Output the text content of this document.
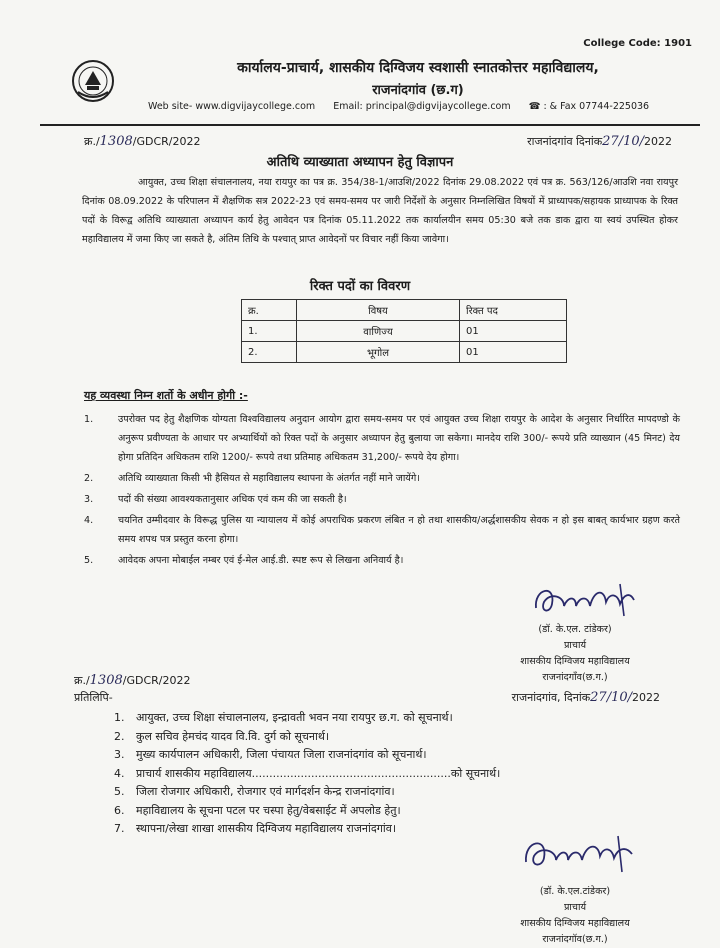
College Code: 1901
कार्यालय-प्राचार्य, शासकीय दिग्विजय स्वशासी स्नातकोत्तर महाविद्यालय,
राजनांदगांव (छ.ग)
Web site- www.digvijaycollege.com Email: principal@digvijaycollege.com ☎ : & Fax 07744-225036
क्र./1308/GDCR/2022	राजनांदगांव दिनांक27/10/2022
अतिथि व्याख्याता अध्यापन हेतु विज्ञापन
आयुक्त, उच्च शिक्षा संचालनालय, नया रायपुर का पत्र क्र. 354/38-1/आउशि/2022 दिनांक 29.08.2022 एवं पत्र क्र. 563/126/आउशि नवा रायपुर दिनांक 08.09.2022 के परिपालन में शैक्षणिक सत्र 2022-23 एवं समय-समय पर जारी निर्देशों के अनुसार निम्नलिखित विषयों में प्राध्यापक/सहायक प्राध्यापक के रिक्त पदों के विरूद्व अतिथि व्याख्याता अध्यापन कार्य हेतु आवेदन पत्र दिनांक 05.11.2022 तक कार्यालयीन समय 05:30 बजे तक डाक द्वारा या स्वयं उपस्थित होकर महाविद्यालय में जमा किए जा सकते है, अंतिम तिथि के पश्चात् प्राप्त आवेदनों पर विचार नहीं किया जावेगा।
रिक्त पदों का विवरण
क्र.	विषय	रिक्त पद
1.	वाणिज्य	01
2.	भूगोल	01
यह व्यवस्था निम्न शर्तो के अधीन होगी :-
1.	उपरोक्त पद हेतु शैक्षणिक योग्यता विश्वविद्यालय अनुदान आयोग द्वारा समय-समय पर एवं आयुक्त उच्च शिक्षा रायपुर के आदेश के अनुसार निर्धारित मापदण्डो के अनुरूप प्रवीण्यता के आधार पर अभ्यार्थियों को रिक्त पदों के अनुसार अध्यापन हेतु बुलाया जा सकेगा। मानदेय राशि 300/- रूपये प्रति व्याख्यान (45 मिनट) देय होगा प्रतिदिन अधिकतम राशि 1200/- रूपये तथा प्रतिमाह अधिकतम 31,200/- रूपये देय होगा।
2.	अतिथि व्याख्याता किसी भी हैसियत से महाविद्यालय स्थापना के अंतर्गत नहीं माने जायेंगे।
3.	पदों की संख्या आवश्यकतानुसार अधिक एवं कम की जा सकती है।
4.	चयनित उम्मीदवार के विरूद्ध पुलिस या न्यायालय में कोई अपराधिक प्रकरण लंबित न हो तथा शासकीय/अर्द्धशासकीय सेवक न हो इस बाबत् कार्यभार ग्रहण करते समय शपथ पत्र प्रस्तुत करना होगा।
5.	आवेदक अपना मोबाईल नम्बर एवं ई-मेल आई.डी. स्पष्ट रूप से लिखना अनिवार्य है।
(डॉ. के.एल. टांडेकर)
प्राचार्य
शासकीय दिग्विजय महाविद्यालय
राजनांदगाँव(छ.ग.)
क्र./1308/GDCR/2022
प्रतिलिपि-	राजनांदगांव, दिनांक27/10/2022
1.	आयुक्त, उच्च शिक्षा संचालनालय, इन्द्रावती भवन नया रायपुर छ.ग. को सूचनार्थ।
2.	कुल सचिव हेमचंद यादव वि.वि. दुर्ग को सूचनार्थ।
3.	मुख्य कार्यपालन अधिकारी, जिला पंचायत जिला राजनांदगांव को सूचनार्थ।
4.	प्राचार्य शासकीय महाविद्यालय.........................................................को सूचनार्थ।
5.	जिला रोजगार अधिकारी, रोजगार एवं मार्गदर्शन केन्द्र राजनांदगांव।
6.	महाविद्यालय के सूचना पटल पर चस्पा हेतु/वेबसाईट में अपलोड हेतु।
7.	स्थापना/लेखा शाखा शासकीय दिग्विजय महाविद्यालय राजनांदगांव।
(डॉ. के.एल.टांडेकर)
प्राचार्य
शासकीय दिग्विजय महाविद्यालय
राजनांदगॉव(छ.ग.)
